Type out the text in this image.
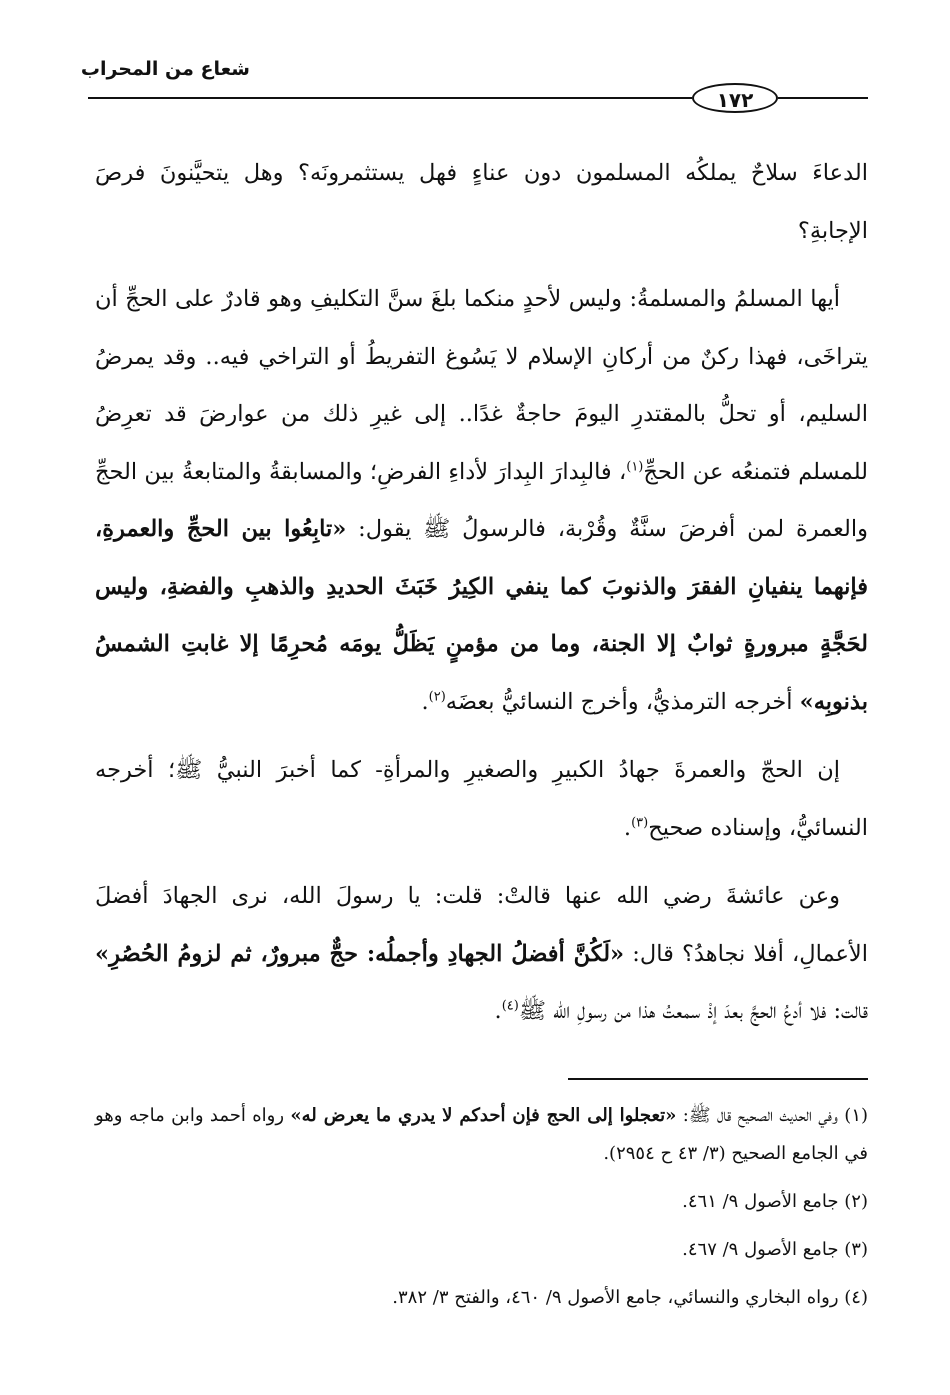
شعاع من المحراب
١٧٢

الدعاءَ سلاحٌ يملكُه المسلمون دون عناءٍ فهل يستثمرونَه؟ وهل يتحيَّنونَ فرصَ الإجابةِ؟

أيها المسلمُ والمسلمةُ: وليس لأحدٍ منكما بلغَ سنَّ التكليفِ وهو قادرٌ على الحجِّ أن يتراخَى، فهذا ركنٌ من أركانِ الإسلام لا يَسُوغ التفريطُ أو التراخي فيه.. وقد يمرضُ السليم، أو تحلُّ بالمقتدرِ اليومَ حاجةٌ غدًا.. إلى غيرِ ذلك من عوارضَ قد تعرِضُ للمسلم فتمنعُه عن الحجِّ$^{(١)}$، فالبِدارَ البِدارَ لأداءِ الفرضِ؛ والمسابقةُ والمتابعةُ بين الحجِّ والعمرة لمن أفرضَ سنَّةٌ وقُرْبة، فالرسولُ ﷺ يقول: «تابِعُوا بين الحجِّ والعمرةِ، فإنهما ينفيانِ الفقرَ والذنوبَ كما ينفي الكِيرُ خَبَثَ الحديدِ والذهبِ والفضةِ، وليس لحَجَّةٍ مبرورةٍ ثوابٌ إلا الجنة، وما من مؤمنٍ يَظَلُّ يومَه مُحرِمًا إلا غابتِ الشمسُ بذنوبِه» أخرجه الترمذيُّ، وأخرج النسائيُّ بعضَه$^{(٢)}$.

إن الحجّ والعمرةَ جهادُ الكبيرِ والصغيرِ والمرأةِ- كما أخبرَ النبيُّ ﷺ؛ أخرجه النسائيُّ، وإسناده صحيح$^{(٣)}$.

وعن عائشةَ رضي الله عنها قالتْ: قلت: يا رسولَ الله، نرى الجهادَ أفضلَ الأعمالِ، أفلا نجاهدُ؟ قال: «لَكُنَّ أفضلُ الجهادِ وأجملُه: حجٌّ مبرورٌ، ثم لزومُ الحُصُرِ» قالت: فلا أدعُ الحجَّ بعدَ إذْ سمعتُ هذا من رسولِ الله ﷺ$^{(٤)}$.

(١) وفي الحديث الصحيح قال ﷺ: «تعجلوا إلى الحج فإن أحدكم لا يدري ما يعرض له» رواه أحمد وابن ماجه وهو في الجامع الصحيح (٣/ ٤٣ ح ٢٩٥٤).

(٢) جامع الأصول ٩/ ٤٦١.

(٣) جامع الأصول ٩/ ٤٦٧.

(٤) رواه البخاري والنسائي، جامع الأصول ٩/ ٤٦٠، والفتح ٣/ ٣٨٢.
